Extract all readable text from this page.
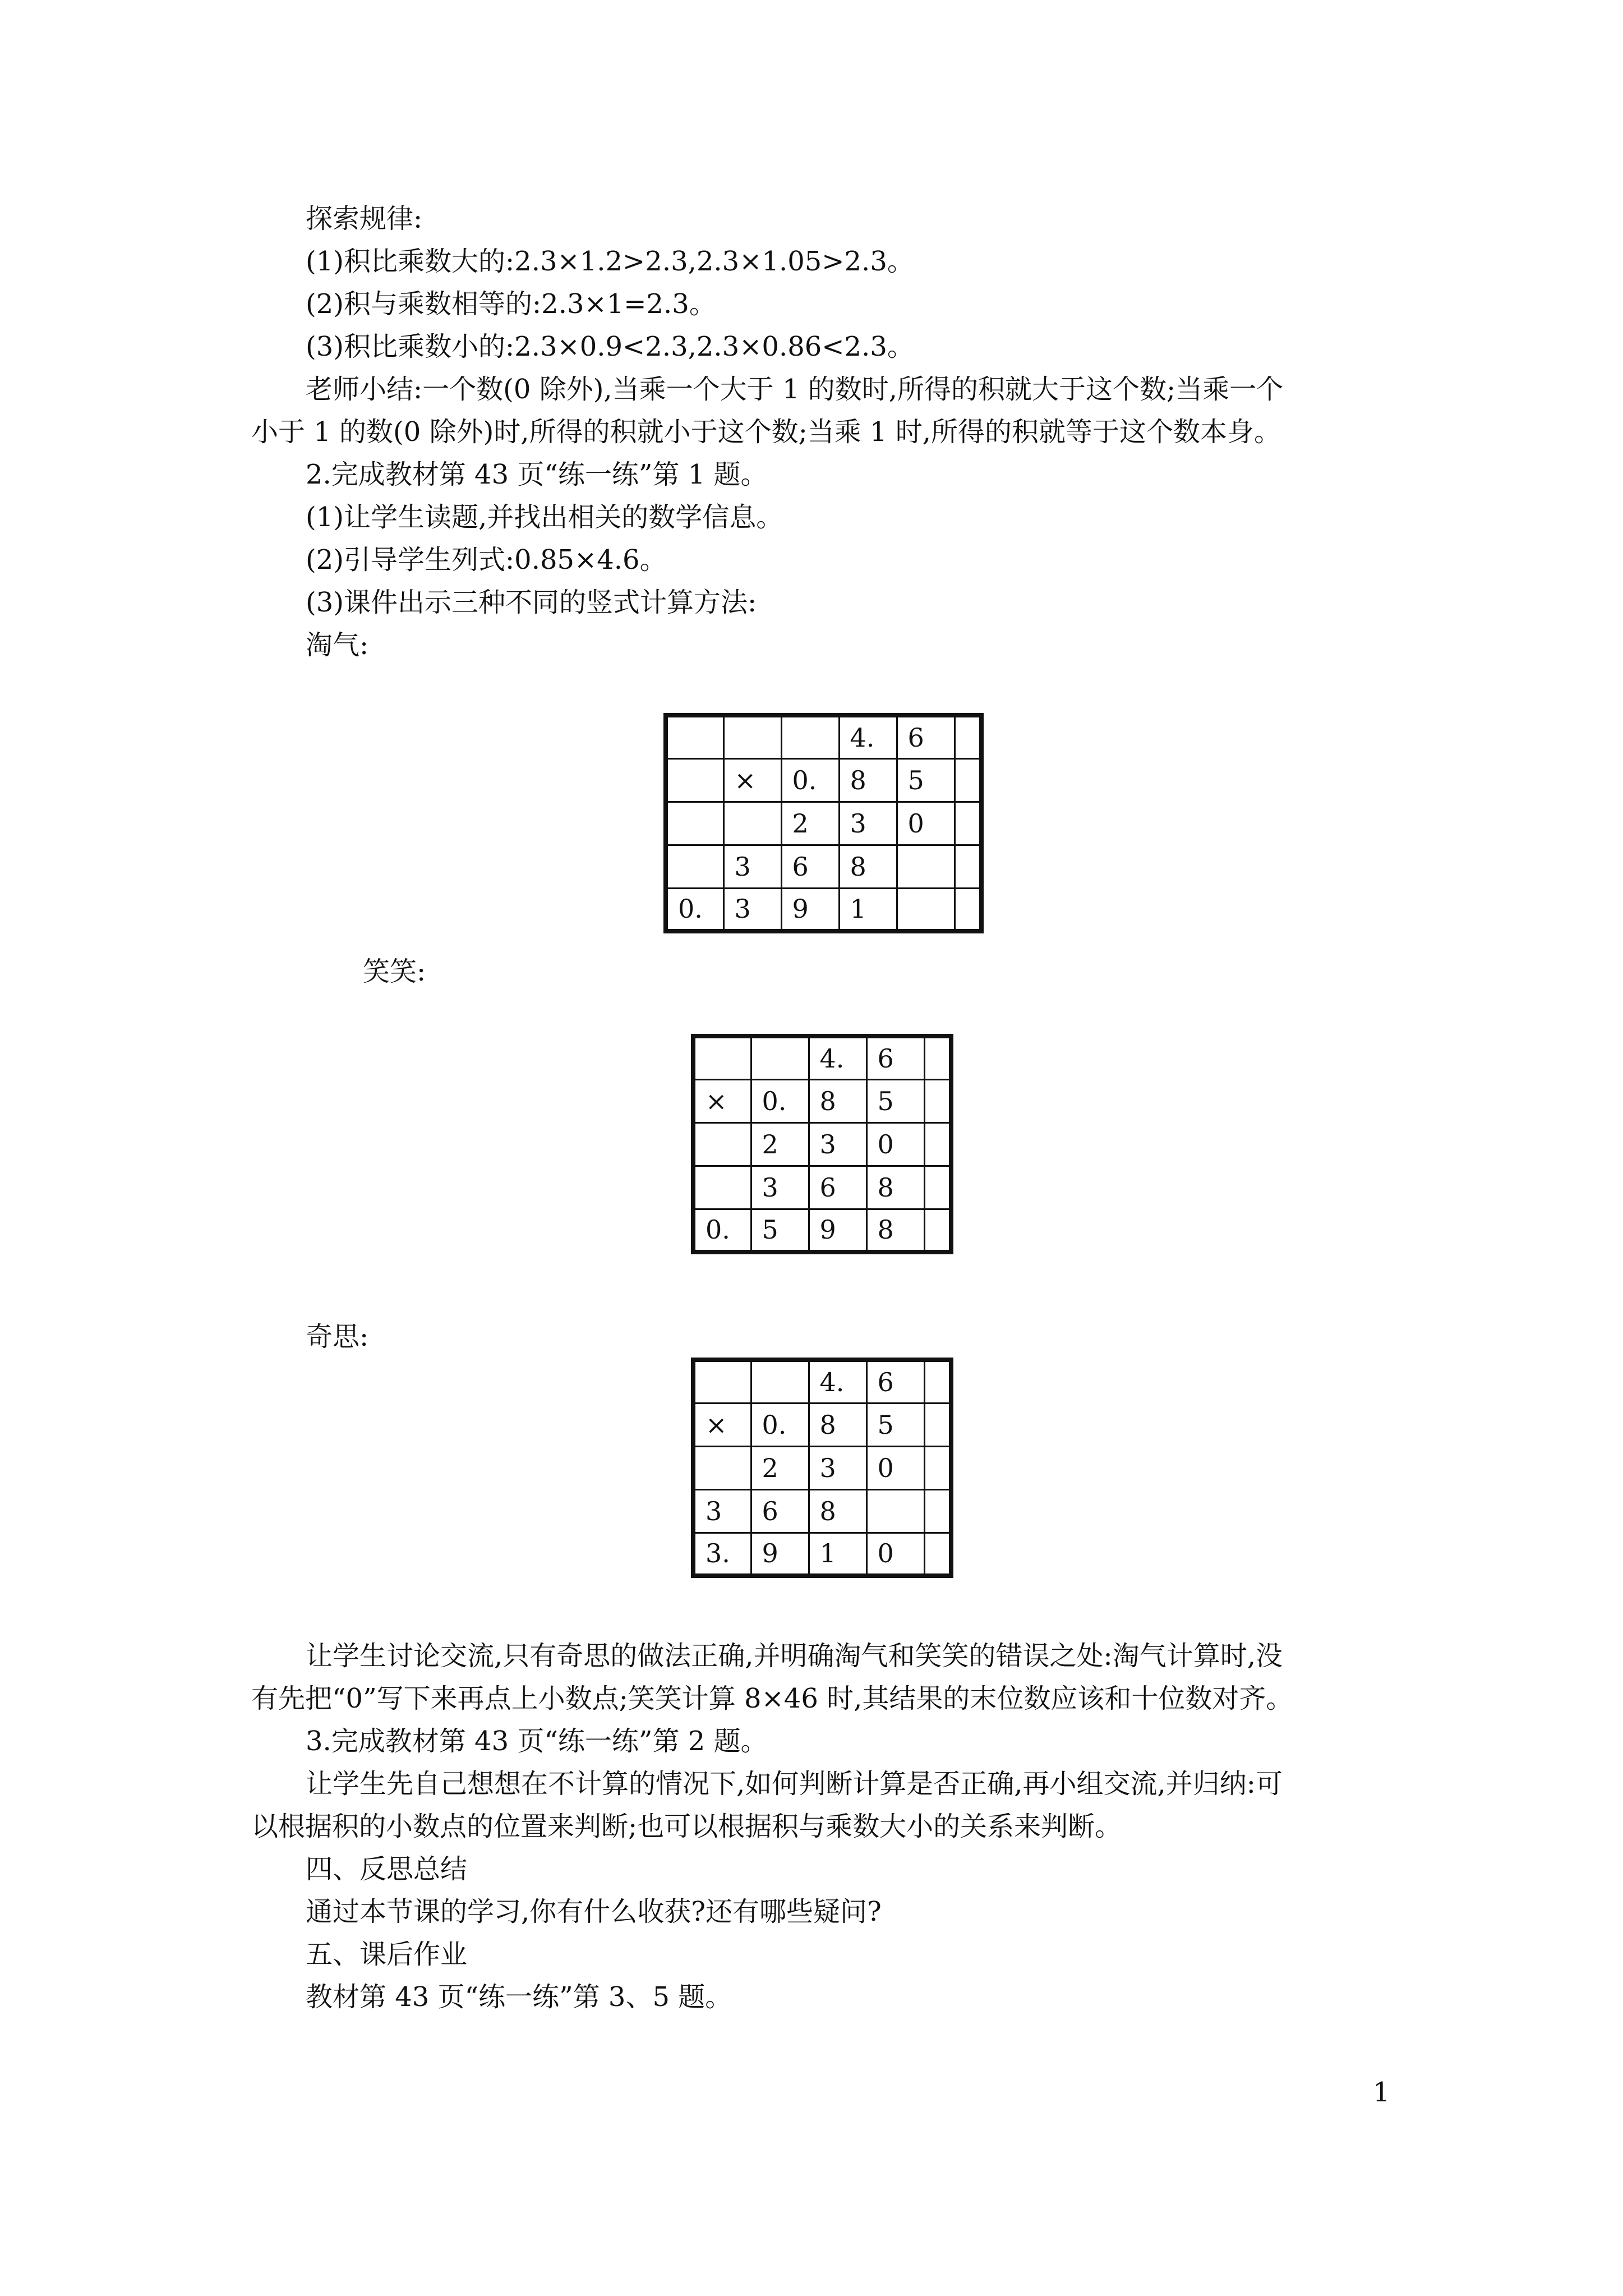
探索规律:
(1)积比乘数大的:2.3×1.2>2.3,2.3×1.05>2.3。
(2)积与乘数相等的:2.3×1=2.3。
(3)积比乘数小的:2.3×0.9<2.3,2.3×0.86<2.3。
老师小结:一个数(0 除外),当乘一个大于 1 的数时,所得的积就大于这个数;当乘一个
小于 1 的数(0 除外)时,所得的积就小于这个数;当乘 1 时,所得的积就等于这个数本身。
2.完成教材第 43 页“练一练”第 1 题。
(1)让学生读题,并找出相关的数学信息。
(2)引导学生列式:0.85×4.6。
(3)课件出示三种不同的竖式计算方法:
淘气:
			4.	6	
	×	0.	8	5	
		2	3	0	
	3	6	8		
0.	3	9	1		
笑笑:
		4.	6	
×	0.	8	5	
	2	3	0	
	3	6	8	
0.	5	9	8	
奇思:
		4.	6	
×	0.	8	5	
	2	3	0	
3	6	8		
3.	9	1	0	
让学生讨论交流,只有奇思的做法正确,并明确淘气和笑笑的错误之处:淘气计算时,没
有先把“0”写下来再点上小数点;笑笑计算 8×46 时,其结果的末位数应该和十位数对齐。
3.完成教材第 43 页“练一练”第 2 题。
让学生先自己想想在不计算的情况下,如何判断计算是否正确,再小组交流,并归纳:可
以根据积的小数点的位置来判断;也可以根据积与乘数大小的关系来判断。
四、反思总结
通过本节课的学习,你有什么收获?还有哪些疑问?
五、课后作业
教材第 43 页“练一练”第 3、5 题。
1
